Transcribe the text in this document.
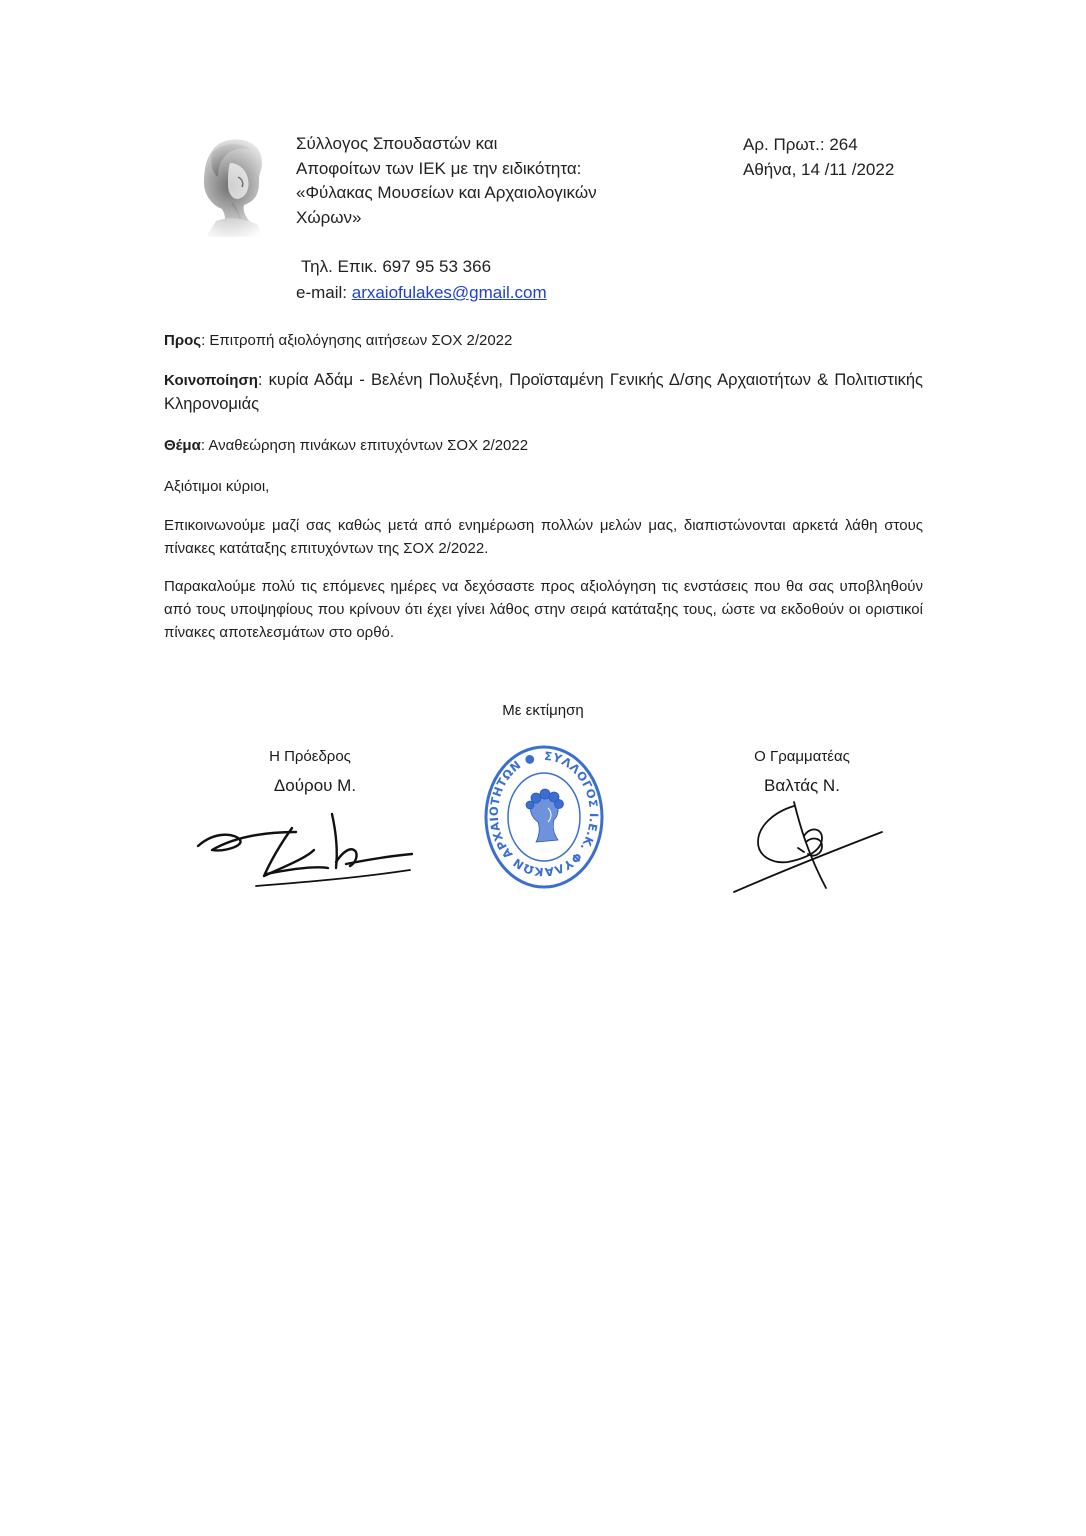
Σύλλογος Σπουδαστών και
Αποφοίτων των ΙΕΚ με την ειδικότητα:
«Φύλακας Μουσείων και Αρχαιολογικών
Χώρων»
Τηλ. Επικ. 697 95 53 366
e-mail: arxaiofulakes@gmail.com
Αρ. Πρωτ.: 264
Αθήνα, 14 /11 /2022
Προς: Επιτροπή αξιολόγησης αιτήσεων ΣΟΧ 2/2022
Κοινοποίηση: κυρία Αδάμ - Βελένη Πολυξένη, Προϊσταμένη Γενικής Δ/σης Αρχαιοτήτων & Πολιτιστικής Κληρονομιάς
Θέμα: Αναθεώρηση πινάκων επιτυχόντων ΣΟΧ 2/2022
Αξιότιμοι κύριοι,
Επικοινωνούμε μαζί σας καθώς μετά από ενημέρωση πολλών μελών μας, διαπιστώνονται αρκετά λάθη στους πίνακες κατάταξης επιτυχόντων της ΣΟΧ 2/2022.
Παρακαλούμε πολύ τις επόμενες ημέρες να δεχόσαστε προς αξιολόγηση τις ενστάσεις που θα σας υποβληθούν από τους υποψηφίους που κρίνουν ότι έχει γίνει λάθος στην σειρά κατάταξης τους, ώστε να εκδοθούν οι οριστικοί πίνακες αποτελεσμάτων στο ορθό.
Με εκτίμηση
Η Πρόεδρος
Δούρου Μ.
Ο Γραμματέας
Βαλτάς Ν.
ΣΥΛΛΟΓΟΣ Ι.Ε.Κ. ΦΥΛΑΚΩΝ ΑΡΧΑΙΟΤΗΤΩΝ ●
